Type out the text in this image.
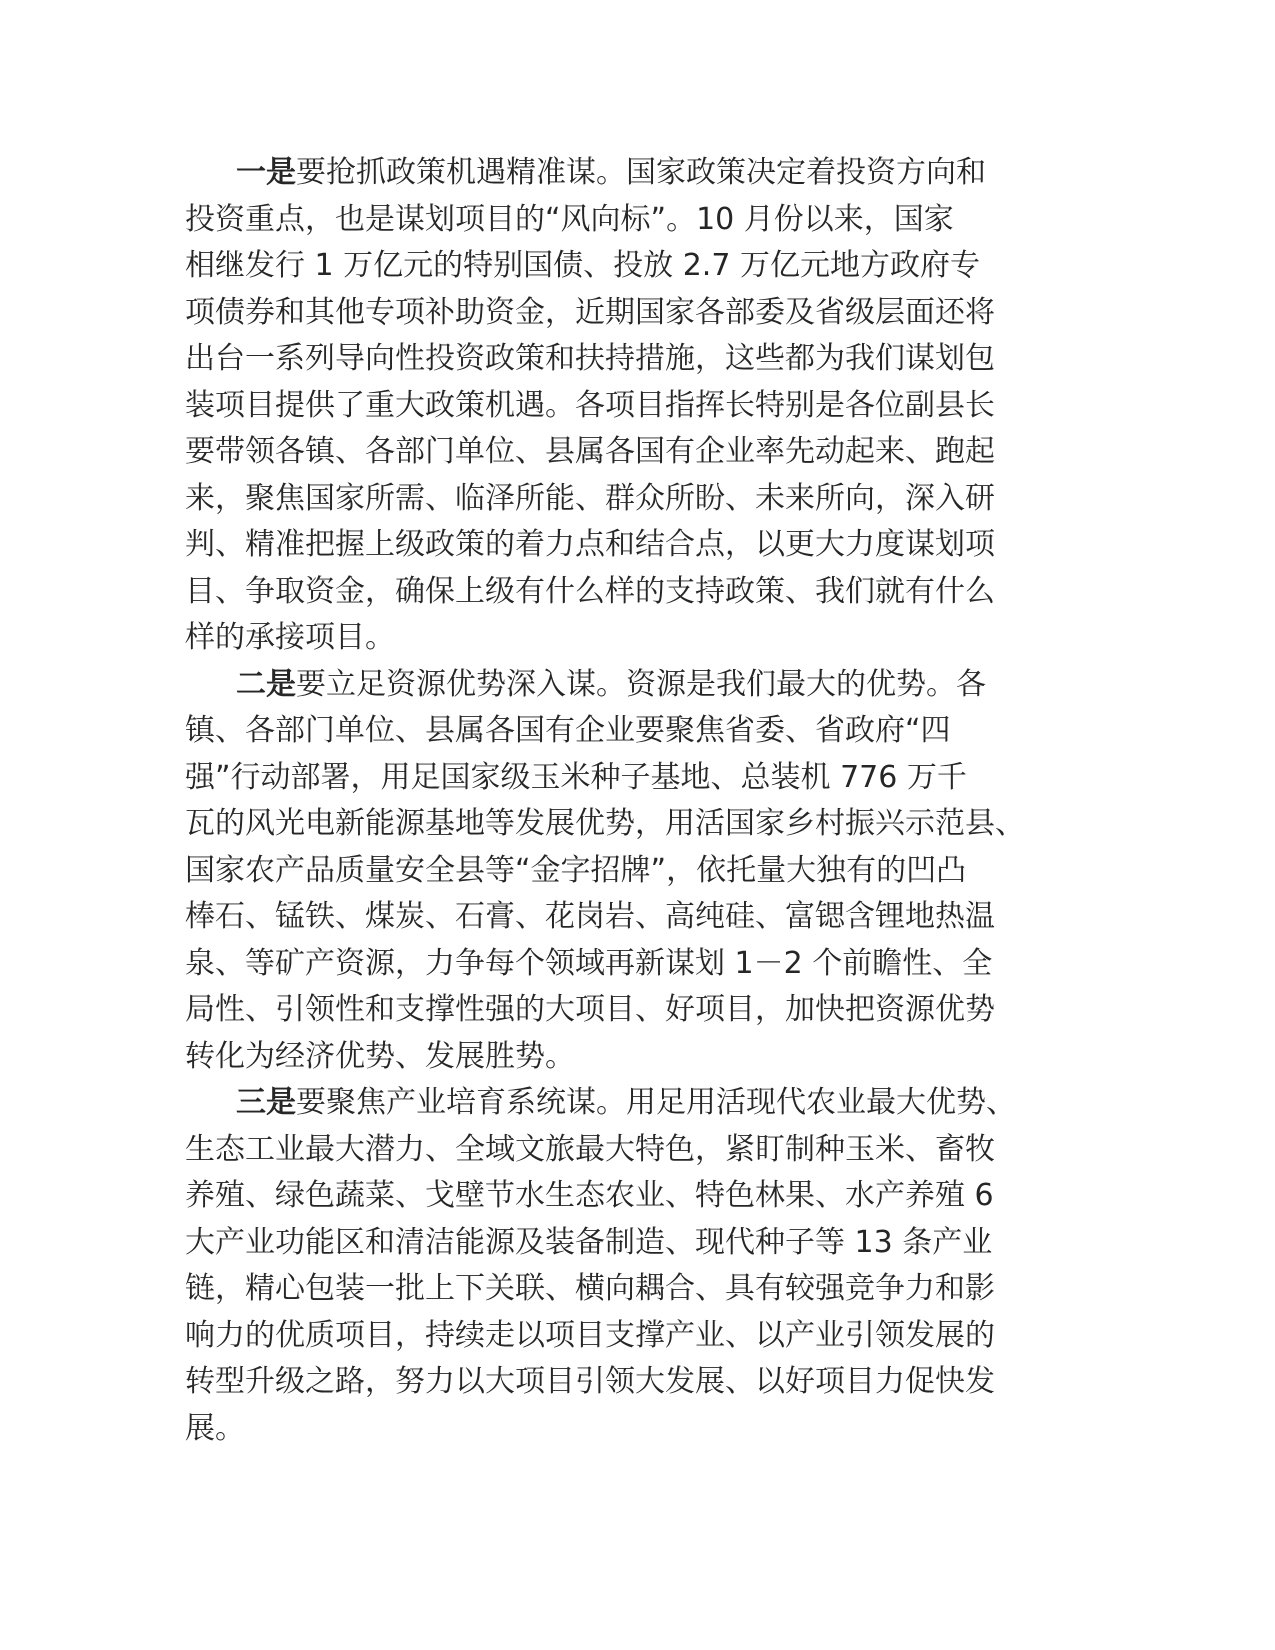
一是要抢抓政策机遇精准谋。国家政策决定着投资方向和
投资重点，也是谋划项目的“风向标”。10 月份以来，国家
相继发行 1 万亿元的特别国债、投放 2.7 万亿元地方政府专
项债券和其他专项补助资金，近期国家各部委及省级层面还将
出台一系列导向性投资政策和扶持措施，这些都为我们谋划包
装项目提供了重大政策机遇。各项目指挥长特别是各位副县长
要带领各镇、各部门单位、县属各国有企业率先动起来、跑起
来，聚焦国家所需、临泽所能、群众所盼、未来所向，深入研
判、精准把握上级政策的着力点和结合点，以更大力度谋划项
目、争取资金，确保上级有什么样的支持政策、我们就有什么
样的承接项目。
二是要立足资源优势深入谋。资源是我们最大的优势。各
镇、各部门单位、县属各国有企业要聚焦省委、省政府“四
强”行动部署，用足国家级玉米种子基地、总装机 776 万千
瓦的风光电新能源基地等发展优势，用活国家乡村振兴示范县、
国家农产品质量安全县等“金字招牌”，依托量大独有的凹凸
棒石、锰铁、煤炭、石膏、花岗岩、高纯硅、富锶含锂地热温
泉、等矿产资源，力争每个领域再新谋划 1－2 个前瞻性、全
局性、引领性和支撑性强的大项目、好项目，加快把资源优势
转化为经济优势、发展胜势。
三是要聚焦产业培育系统谋。用足用活现代农业最大优势、
生态工业最大潜力、全域文旅最大特色，紧盯制种玉米、畜牧
养殖、绿色蔬菜、戈壁节水生态农业、特色林果、水产养殖 6
大产业功能区和清洁能源及装备制造、现代种子等 13 条产业
链，精心包装一批上下关联、横向耦合、具有较强竞争力和影
响力的优质项目，持续走以项目支撑产业、以产业引领发展的
转型升级之路，努力以大项目引领大发展、以好项目力促快发
展。
